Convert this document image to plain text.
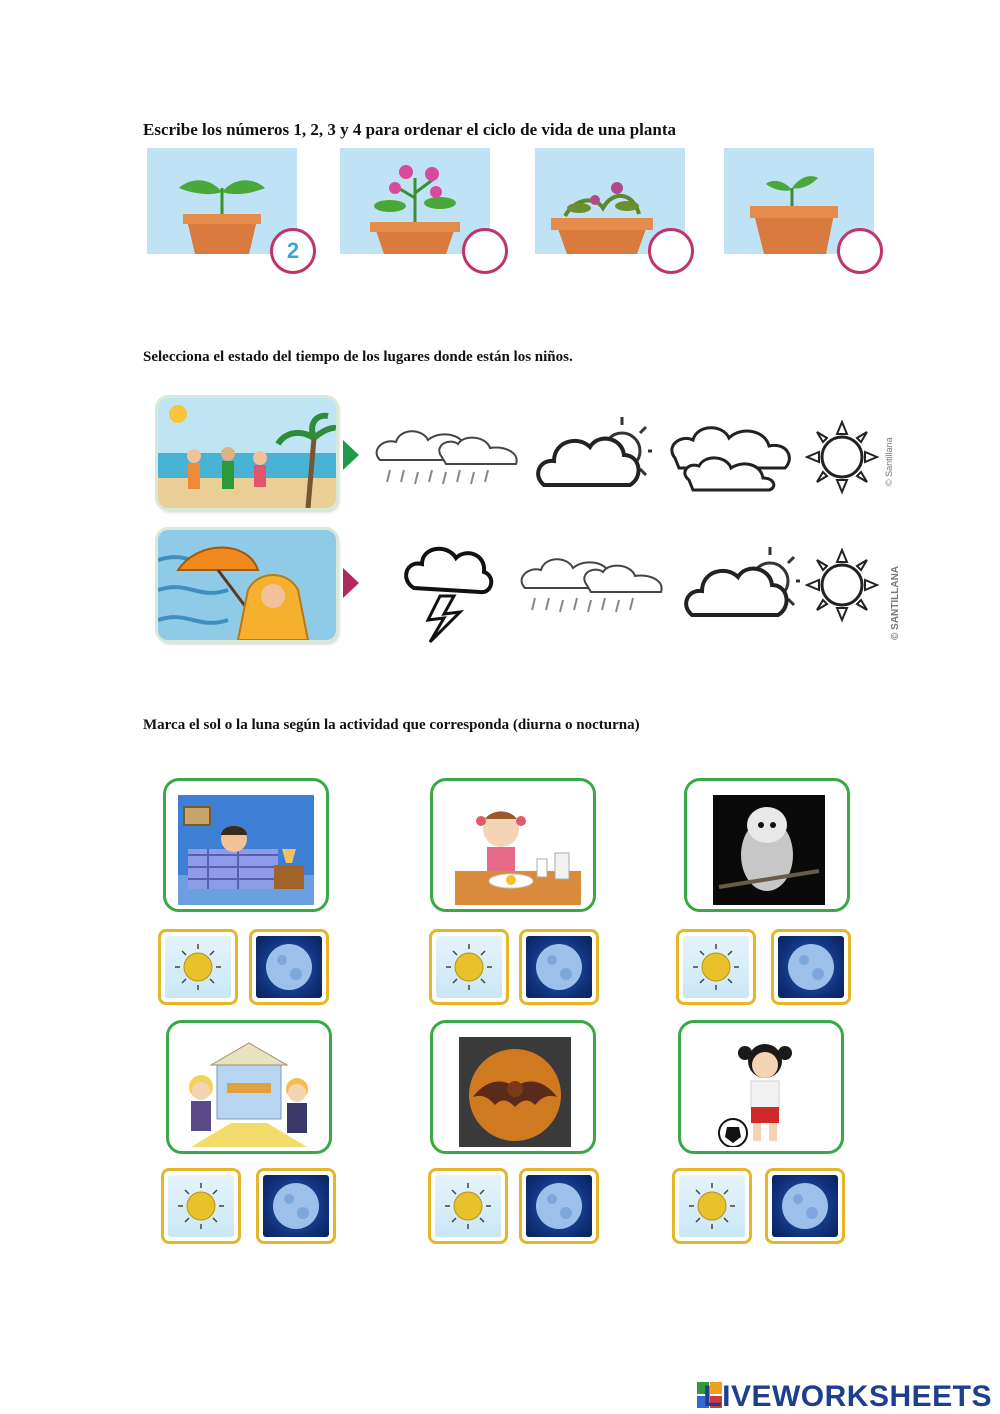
Escribe los números 1, 2, 3 y 4 para ordenar el ciclo de vida de una planta
2
Selecciona el estado del tiempo de los lugares donde están los niños.
© Santillana
© SANTILLANA
Marca el sol o la luna según la actividad que corresponda (diurna o nocturna)
LIVEWORKSHEETS
